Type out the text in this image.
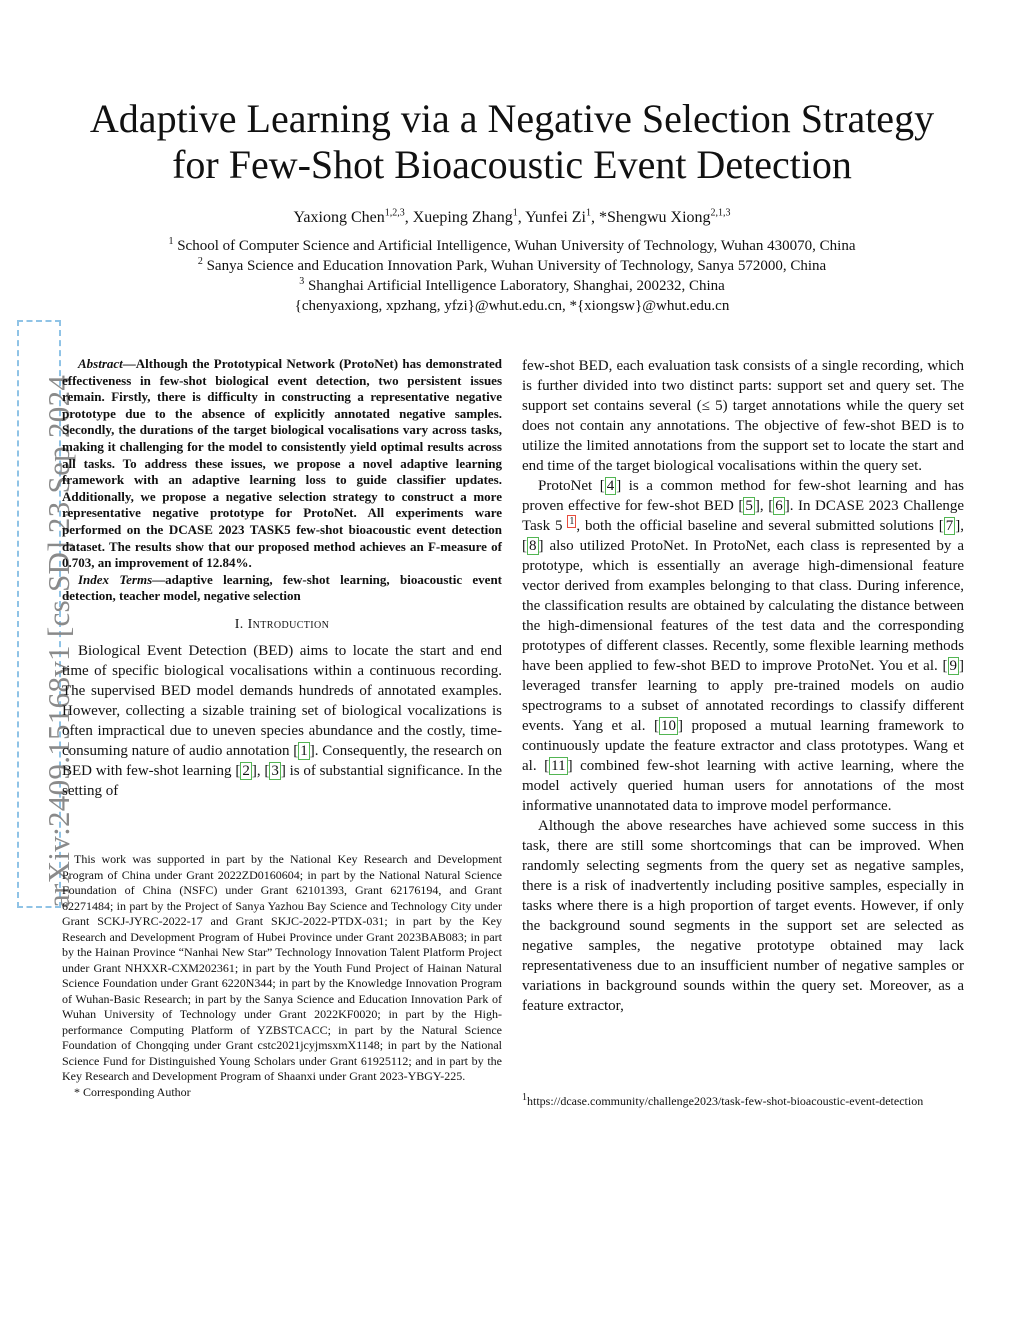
Adaptive Learning via a Negative Selection Strategy
for Few-Shot Bioacoustic Event Detection
Yaxiong Chen$^{1,2,3}$, Xueping Zhang$^1$, Yunfei Zi$^1$, *Shengwu Xiong$^{2,1,3}$
$^1$ School of Computer Science and Artificial Intelligence, Wuhan University of Technology, Wuhan 430070, China
$^2$ Sanya Science and Education Innovation Park, Wuhan University of Technology, Sanya 572000, China
$^3$ Shanghai Artificial Intelligence Laboratory, Shanghai, 200232, China
{chenyaxiong, xpzhang, yfzi}@whut.edu.cn, *{xiongsw}@whut.edu.cn
arXiv:2409.15168v1 [cs.SD] 23 Sep 2024

Abstract—Although the Prototypical Network (ProtoNet) has demonstrated effectiveness in few-shot biological event detection, two persistent issues remain. Firstly, there is difficulty in constructing a representative negative prototype due to the absence of explicitly annotated negative samples. Secondly, the durations of the target biological vocalisations vary across tasks, making it challenging for the model to consistently yield optimal results across all tasks. To address these issues, we propose a novel adaptive learning framework with an adaptive learning loss to guide classifier updates. Additionally, we propose a negative selection strategy to construct a more representative negative prototype for ProtoNet. All experiments ware performed on the DCASE 2023 TASK5 few-shot bioacoustic event detection dataset. The results show that our proposed method achieves an F-measure of 0.703, an improvement of 12.84%.

Index Terms—adaptive learning, few-shot learning, bioacoustic event detection, teacher model, negative selection

I. Introduction

Biological Event Detection (BED) aims to locate the start and end time of specific biological vocalisations within a continuous recording. The supervised BED model demands hundreds of annotated examples. However, collecting a sizable training set of biological vocalizations is often impractical due to uneven species abundance and the costly, time-consuming nature of audio annotation [ 1 ]. Consequently, the research on BED with few-shot learning [ 2 ], [ 3 ] is of substantial significance. In the setting of

This work was supported in part by the National Key Research and Development Program of China under Grant 2022ZD0160604; in part by the National Natural Science Foundation of China (NSFC) under Grant 62101393, Grant 62176194, and Grant 62271484; in part by the Project of Sanya Yazhou Bay Science and Technology City under Grant SCKJ-JYRC-2022-17 and Grant SKJC-2022-PTDX-031; in part by the Key Research and Development Program of Hubei Province under Grant 2023BAB083; in part by the Hainan Province “Nanhai New Star” Technology Innovation Talent Platform Project under Grant NHXXR-CXM202361; in part by the Youth Fund Project of Hainan Natural Science Foundation under Grant 6220N344; in part by the Knowledge Innovation Program of Wuhan-Basic Research; in part by the Sanya Science and Education Innovation Park of Wuhan University of Technology under Grant 2022KF0020; in part by the High-performance Computing Platform of YZBSTCACC; in part by the Natural Science Foundation of Chongqing under Grant cstc2021jcyjmsxmX1148; in part by the National Science Fund for Distinguished Young Scholars under Grant 61925112; and in part by the Key Research and Development Program of Shaanxi under Grant 2023-YBGY-225.

* Corresponding Author

few-shot BED, each evaluation task consists of a single recording, which is further divided into two distinct parts: support set and query set. The support set contains several (≤ 5) target annotations while the query set does not contain any annotations. The objective of few-shot BED is to utilize the limited annotations from the support set to locate the start and end time of the target biological vocalisations within the query set.

ProtoNet [ 4 ] is a common method for few-shot learning and has proven effective for few-shot BED [ 5 ], [ 6 ]. In DCASE 2023 Challenge Task 5 $^1$ , both the official baseline and several submitted solutions [ 7 ], [ 8 ] also utilized ProtoNet. In ProtoNet, each class is represented by a prototype, which is essentially an average high-dimensional feature vector derived from examples belonging to that class. During inference, the classification results are obtained by calculating the distance between the high-dimensional features of the test data and the corresponding prototypes of different classes. Recently, some flexible learning methods have been applied to few-shot BED to improve ProtoNet. You et al. [ 9 ] leveraged transfer learning to apply pre-trained models on audio spectrograms to a subset of annotated recordings to classify different events. Yang et al. [ 10 ] proposed a mutual learning framework to continuously update the feature extractor and class prototypes. Wang et al. [ 11 ] combined few-shot learning with active learning, where the model actively queried human users for annotations of the most informative unannotated data to improve model performance.

Although the above researches have achieved some success in this task, there are still some shortcomings that can be improved. When randomly selecting segments from the query set as negative samples, there is a risk of inadvertently including positive samples, especially in tasks where there is a high proportion of target events. However, if only the background sound segments in the support set are selected as negative samples, the negative prototype obtained may lack representativeness due to an insufficient number of negative samples or variations in background sounds within the query set. Moreover, as a feature extractor,

$^1$https://dcase.community/challenge2023/task-few-shot-bioacoustic-event-detection
